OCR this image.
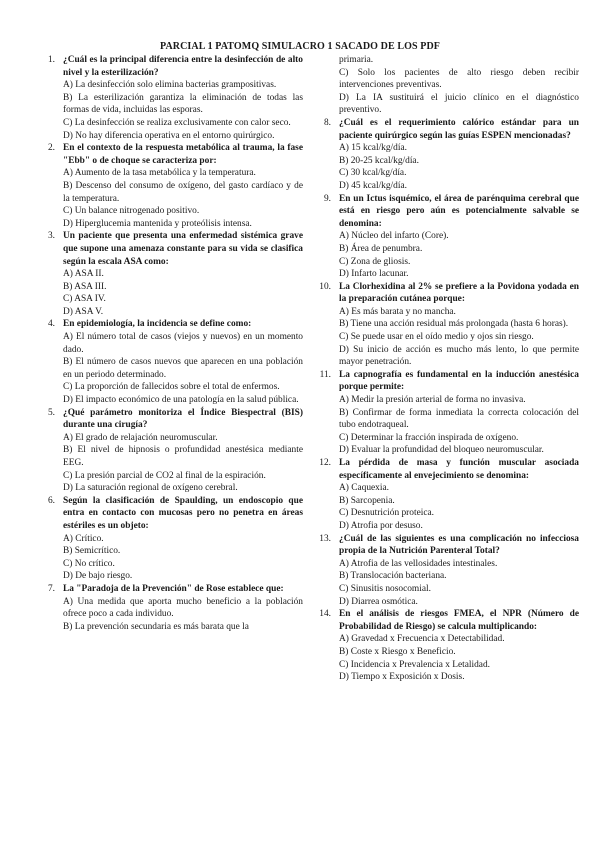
PARCIAL 1 PATOMQ SIMULACRO 1 SACADO DE LOS PDF
1. ¿Cuál es la principal diferencia entre la desinfección de alto nivel y la esterilización?
A) La desinfección solo elimina bacterias grampositivas.
B) La esterilización garantiza la eliminación de todas las formas de vida, incluidas las esporas.
C) La desinfección se realiza exclusivamente con calor seco.
D) No hay diferencia operativa en el entorno quirúrgico.
2. En el contexto de la respuesta metabólica al trauma, la fase "Ebb" o de choque se caracteriza por:
A) Aumento de la tasa metabólica y la temperatura.
B) Descenso del consumo de oxígeno, del gasto cardíaco y de la temperatura.
C) Un balance nitrogenado positivo.
D) Hiperglucemia mantenida y proteólisis intensa.
3. Un paciente que presenta una enfermedad sistémica grave que supone una amenaza constante para su vida se clasifica según la escala ASA como:
A) ASA II.
B) ASA III.
C) ASA IV.
D) ASA V.
4. En epidemiología, la incidencia se define como:
A) El número total de casos (viejos y nuevos) en un momento dado.
B) El número de casos nuevos que aparecen en una población en un periodo determinado.
C) La proporción de fallecidos sobre el total de enfermos.
D) El impacto económico de una patología en la salud pública.
5. ¿Qué parámetro monitoriza el Índice Biespectral (BIS) durante una cirugía?
A) El grado de relajación neuromuscular.
B) El nivel de hipnosis o profundidad anestésica mediante EEG.
C) La presión parcial de CO2 al final de la espiración.
D) La saturación regional de oxígeno cerebral.
6. Según la clasificación de Spaulding, un endoscopio que entra en contacto con mucosas pero no penetra en áreas estériles es un objeto:
A) Crítico.
B) Semicrítico.
C) No crítico.
D) De bajo riesgo.
7. La "Paradoja de la Prevención" de Rose establece que:
A) Una medida que aporta mucho beneficio a la población ofrece poco a cada individuo.
B) La prevención secundaria es más barata que la
primaria.
C) Solo los pacientes de alto riesgo deben recibir intervenciones preventivas.
D) La IA sustituirá el juicio clínico en el diagnóstico preventivo.
8. ¿Cuál es el requerimiento calórico estándar para un paciente quirúrgico según las guías ESPEN mencionadas?
A) 15 kcal/kg/día.
B) 20-25 kcal/kg/día.
C) 30 kcal/kg/día.
D) 45 kcal/kg/día.
9. En un Ictus isquémico, el área de parénquima cerebral que está en riesgo pero aún es potencialmente salvable se denomina:
A) Núcleo del infarto (Core).
B) Área de penumbra.
C) Zona de gliosis.
D) Infarto lacunar.
10. La Clorhexidina al 2% se prefiere a la Povidona yodada en la preparación cutánea porque:
A) Es más barata y no mancha.
B) Tiene una acción residual más prolongada (hasta 6 horas).
C) Se puede usar en el oído medio y ojos sin riesgo.
D) Su inicio de acción es mucho más lento, lo que permite mayor penetración.
11. La capnografía es fundamental en la inducción anestésica porque permite:
A) Medir la presión arterial de forma no invasiva.
B) Confirmar de forma inmediata la correcta colocación del tubo endotraqueal.
C) Determinar la fracción inspirada de oxígeno.
D) Evaluar la profundidad del bloqueo neuromuscular.
12. La pérdida de masa y función muscular asociada específicamente al envejecimiento se denomina:
A) Caquexia.
B) Sarcopenia.
C) Desnutrición proteica.
D) Atrofia por desuso.
13. ¿Cuál de las siguientes es una complicación no infecciosa propia de la Nutrición Parenteral Total?
A) Atrofia de las vellosidades intestinales.
B) Translocación bacteriana.
C) Sinusitis nosocomial.
D) Diarrea osmótica.
14. En el análisis de riesgos FMEA, el NPR (Número de Probabilidad de Riesgo) se calcula multiplicando:
A) Gravedad x Frecuencia x Detectabilidad.
B) Coste x Riesgo x Beneficio.
C) Incidencia x Prevalencia x Letalidad.
D) Tiempo x Exposición x Dosis.
